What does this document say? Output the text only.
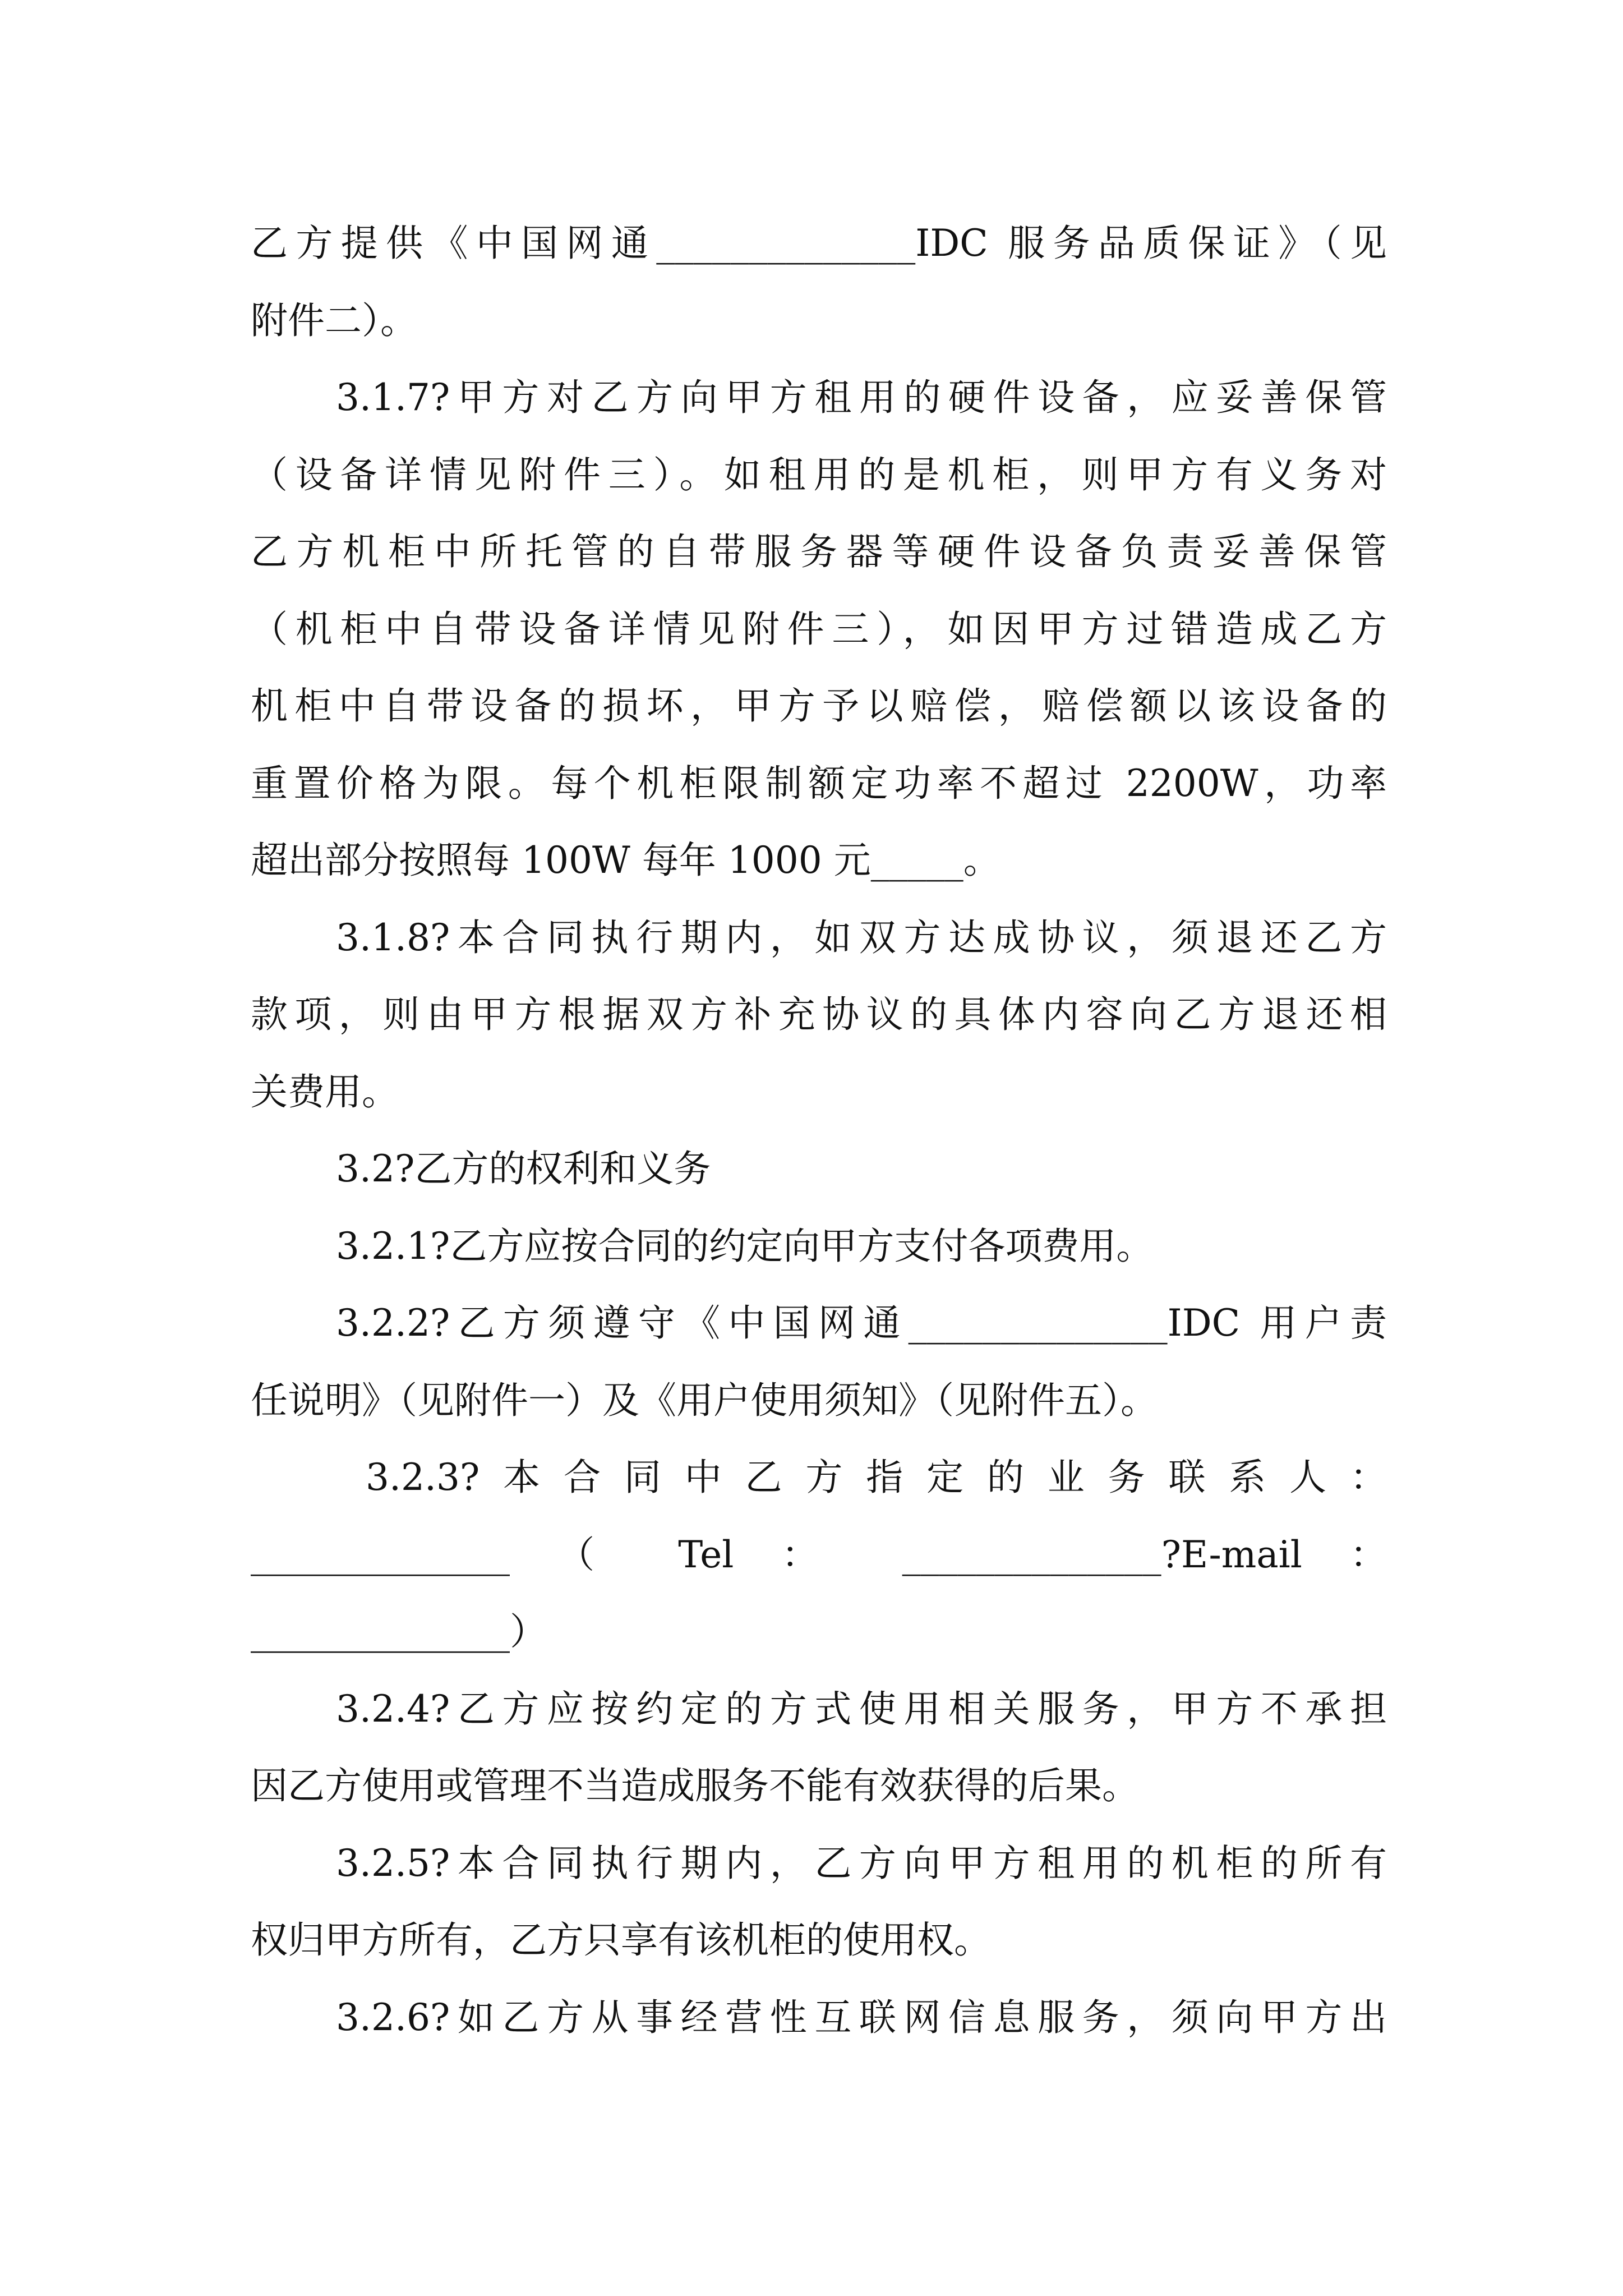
乙方提供《中国网通______________IDC 服务品质保证》（见
附件二）。
3.1.7?甲方对乙方向甲方租用的硬件设备，应妥善保管
（设备详情见附件三）。如租用的是机柜，则甲方有义务对
乙方机柜中所托管的自带服务器等硬件设备负责妥善保管
（机柜中自带设备详情见附件三），如因甲方过错造成乙方
机柜中自带设备的损坏，甲方予以赔偿，赔偿额以该设备的
重置价格为限。每个机柜限制额定功率不超过 2200W，功率
超出部分按照每 100W 每年 1000 元_____。
3.1.8?本合同执行期内，如双方达成协议，须退还乙方
款项，则由甲方根据双方补充协议的具体内容向乙方退还相
关费用。
3.2?乙方的权利和义务
3.2.1?乙方应按合同的约定向甲方支付各项费用。
3.2.2?乙方须遵守《中国网通______________IDC 用户责
任说明》（见附件一）及《用户使用须知》（见附件五）。
3.2.3?本合同中乙方指定的业务联系人：
______________ （ Tel ： ______________?E-mail ：
______________）
3.2.4?乙方应按约定的方式使用相关服务，甲方不承担
因乙方使用或管理不当造成服务不能有效获得的后果。
3.2.5?本合同执行期内，乙方向甲方租用的机柜的所有
权归甲方所有，乙方只享有该机柜的使用权。
3.2.6?如乙方从事经营性互联网信息服务，须向甲方出
